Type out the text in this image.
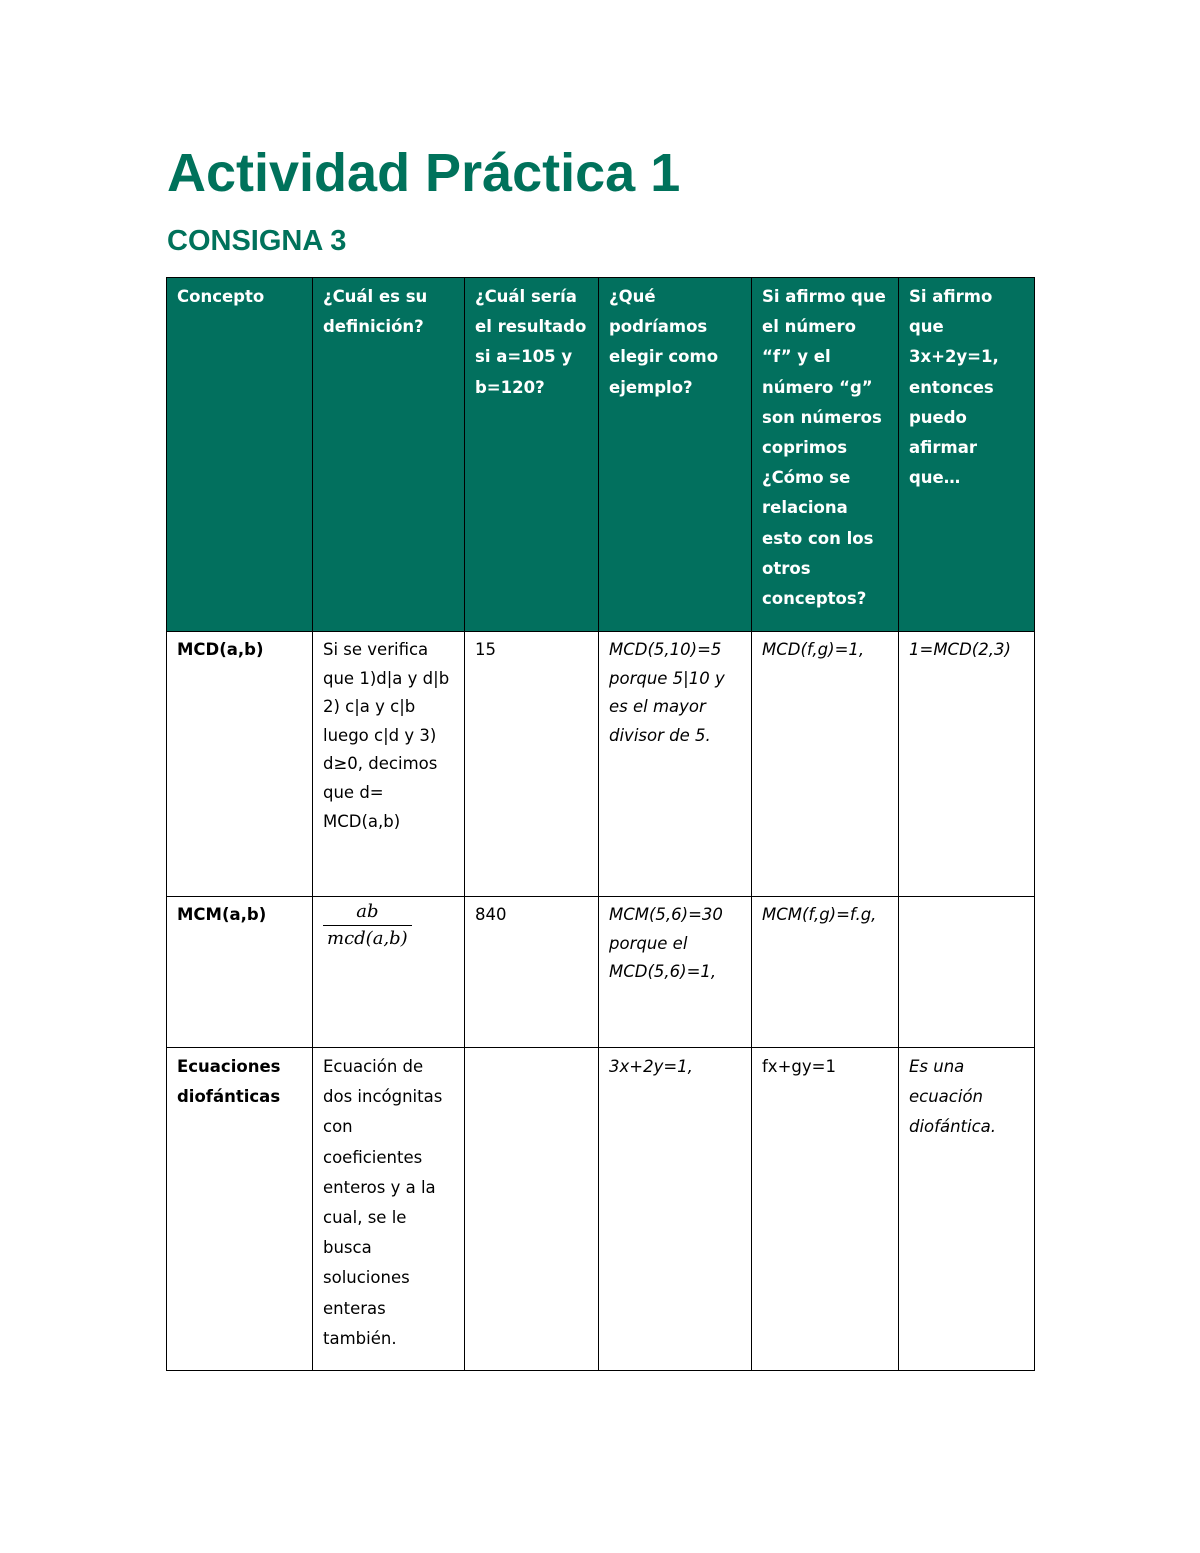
Actividad Práctica 1
CONSIGNA 3
Concepto	¿Cuál es su definición?	¿Cuál sería el resultado si a=105 y b=120?	¿Qué podríamos elegir como ejemplo?	Si afirmo que el número “f” y el número “g” son números coprimos ¿Cómo se relaciona esto con los otros conceptos?	Si afirmo que 3x+2y=1, entonces puedo afirmar que…
MCD(a,b)	Si se verifica que 1)d|a y d|b 2) c|a y c|b luego c|d y 3) d≥0, decimos que d= MCD(a,b)	15	MCD(5,10)=5 porque 5|10 y es el mayor divisor de 5.	MCD(f,g)=1,	1=MCD(2,3)
MCM(a,b)	$\frac{ab}{\text{mcd(a,b)}}$	840	MCM(5,6)=30 porque el MCD(5,6)=1,	MCM(f,g)=f.g,	
Ecuaciones diofánticas	Ecuación de dos incógnitas con coeficientes enteros y a la cual, se le busca soluciones enteras también.		3x+2y=1,	fx+gy=1	Es una ecuación diofántica.
